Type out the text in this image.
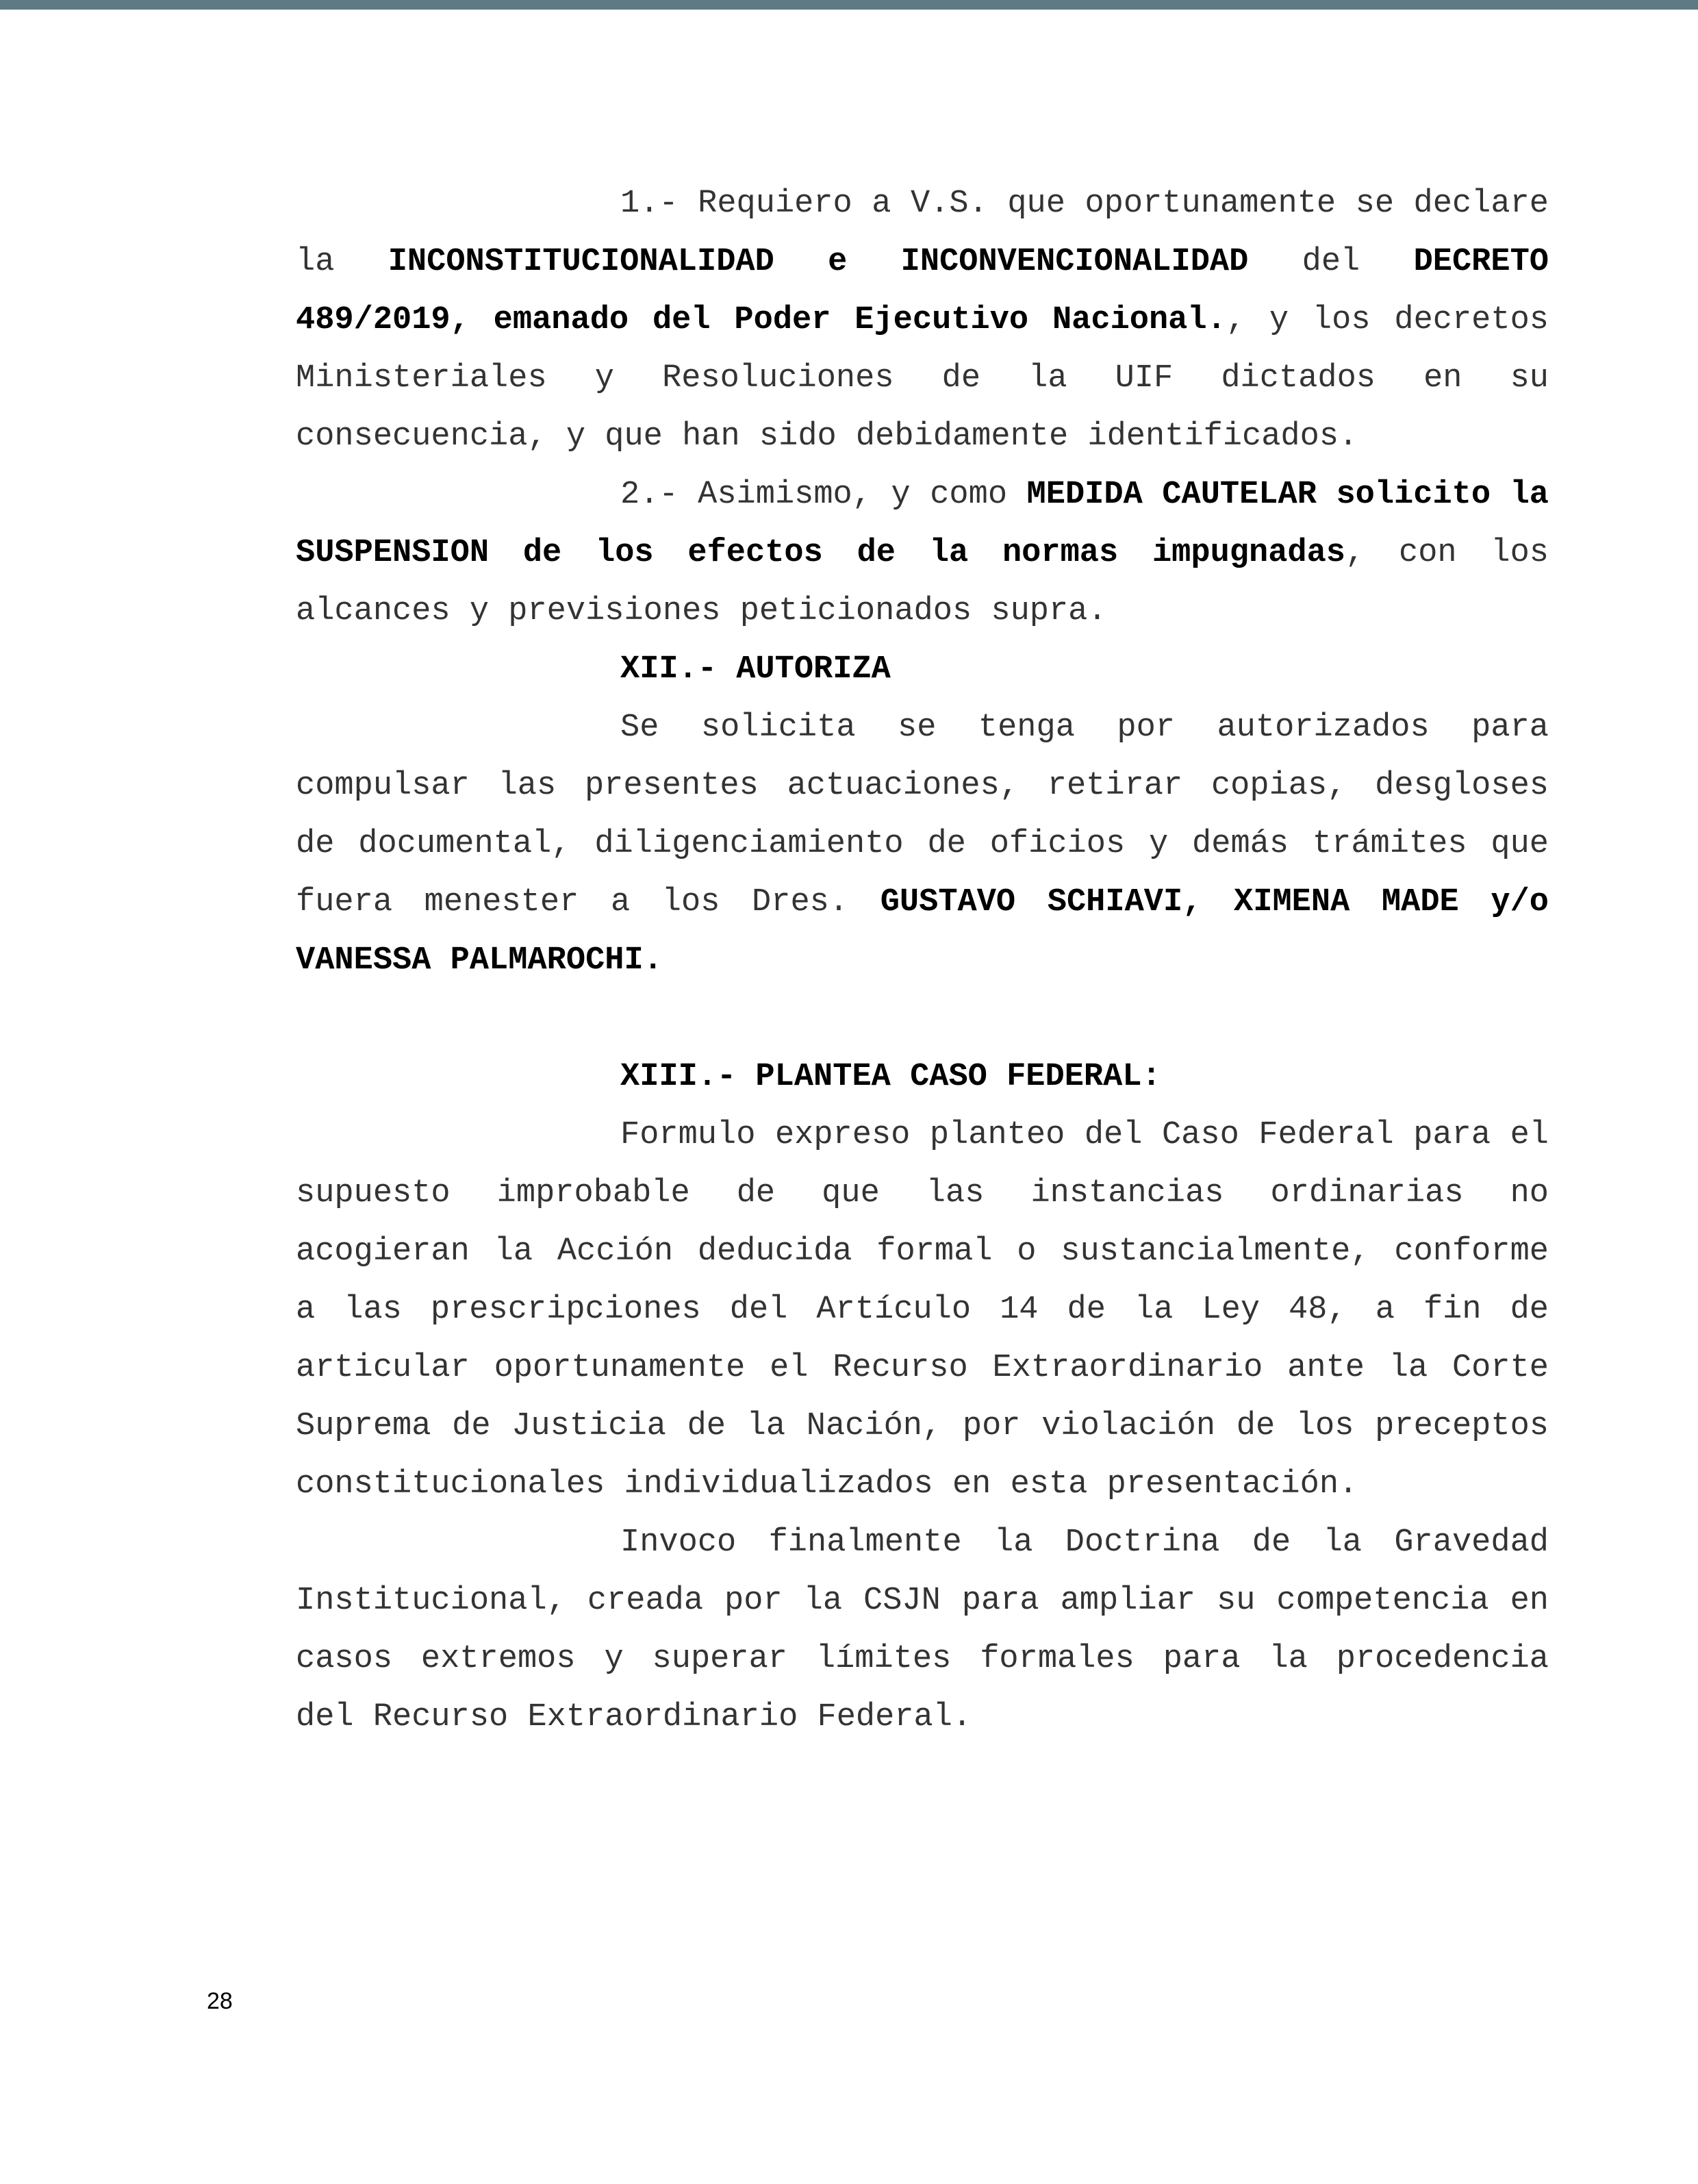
1.- Requiero a V.S. que oportunamente se declare la INCONSTITUCIONALIDAD e INCONVENCIONALIDAD del DECRETO 489/2019, emanado del Poder Ejecutivo Nacional., y los decretos Ministeriales y Resoluciones de la UIF dictados en su consecuencia, y que han sido debidamente identificados.

2.- Asimismo, y como MEDIDA CAUTELAR solicito la SUSPENSION de los efectos de la normas impugnadas, con los alcances y previsiones peticionados supra.

XII.- AUTORIZA

Se solicita se tenga por autorizados para compulsar las presentes actuaciones, retirar copias, desgloses de documental, diligenciamiento de oficios y demás trámites que fuera menester a los Dres. GUSTAVO SCHIAVI, XIMENA MADE y/o VANESSA PALMAROCHI.

XIII.- PLANTEA CASO FEDERAL:

Formulo expreso planteo del Caso Federal para el supuesto improbable de que las instancias ordinarias no acogieran la Acción deducida formal o sustancialmente, conforme a las prescripciones del Artículo 14 de la Ley 48, a fin de articular oportunamente el Recurso Extraordinario ante la Corte Suprema de Justicia de la Nación, por violación de los preceptos constitucionales individualizados en esta presentación.

Invoco finalmente la Doctrina de la Gravedad Institucional, creada por la CSJN para ampliar su competencia en casos extremos y superar límites formales para la procedencia del Recurso Extraordinario Federal.

28
